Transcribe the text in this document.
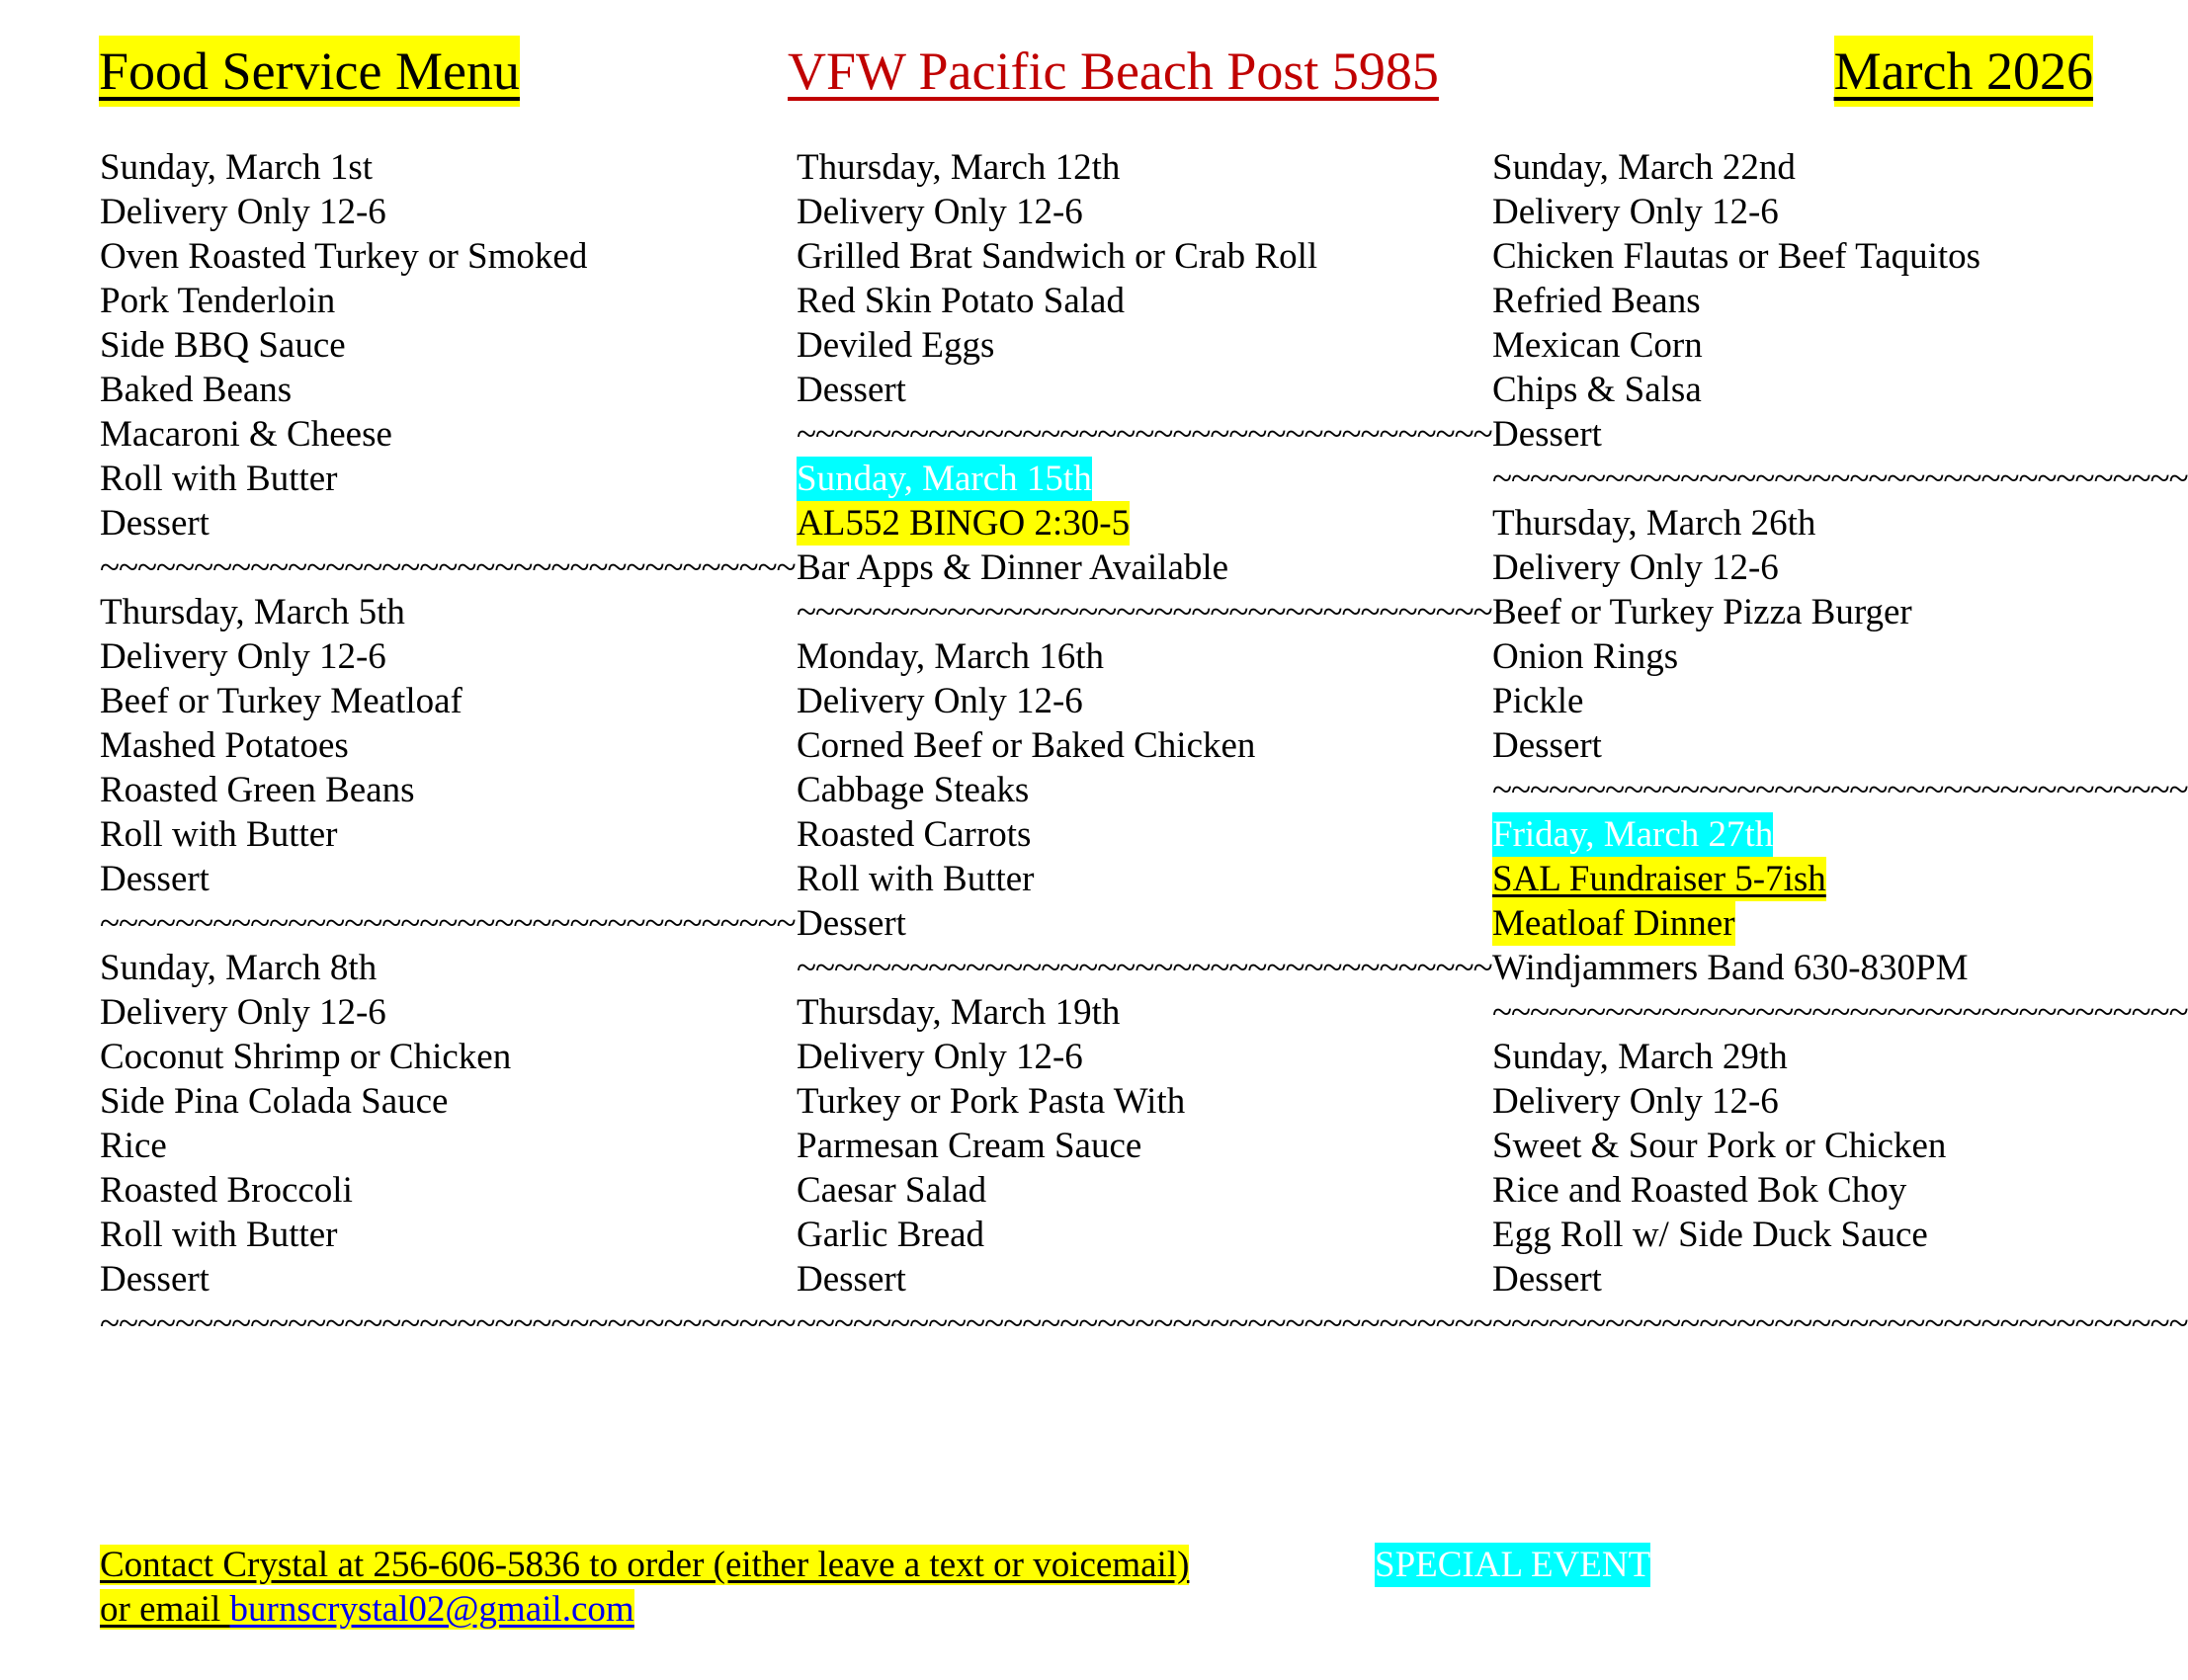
Food Service Menu	VFW Pacific Beach Post 5985	March 2026
Sunday, March 1st
Delivery Only 12-6
Oven Roasted Turkey or Smoked
Pork Tenderloin
Side BBQ Sauce
Baked Beans
Macaroni & Cheese
Roll with Butter
Dessert
~~~~~~~~~~~~~~~~~~~~~~~~~~~~~~~~~~~~~
Thursday, March 5th
Delivery Only 12-6
Beef or Turkey Meatloaf
Mashed Potatoes
Roasted Green Beans
Roll with Butter
Dessert
~~~~~~~~~~~~~~~~~~~~~~~~~~~~~~~~~~~~~
Sunday, March 8th
Delivery Only 12-6
Coconut Shrimp or Chicken
Side Pina Colada Sauce
Rice
Roasted Broccoli
Roll with Butter
Dessert
~~~~~~~~~~~~~~~~~~~~~~~~~~~~~~~~~~~~~
Thursday, March 12th
Delivery Only 12-6
Grilled Brat Sandwich or Crab Roll
Red Skin Potato Salad
Deviled Eggs
Dessert
~~~~~~~~~~~~~~~~~~~~~~~~~~~~~~~~~~~~~
Sunday, March 15th
AL552 BINGO 2:30-5
Bar Apps & Dinner Available
~~~~~~~~~~~~~~~~~~~~~~~~~~~~~~~~~~~~~
Monday, March 16th
Delivery Only 12-6
Corned Beef or Baked Chicken
Cabbage Steaks
Roasted Carrots
Roll with Butter
Dessert
~~~~~~~~~~~~~~~~~~~~~~~~~~~~~~~~~~~~~
Thursday, March 19th
Delivery Only 12-6
Turkey or Pork Pasta With
Parmesan Cream Sauce
Caesar Salad
Garlic Bread
Dessert
~~~~~~~~~~~~~~~~~~~~~~~~~~~~~~~~~~~~~
Sunday, March 22nd
Delivery Only 12-6
Chicken Flautas or Beef Taquitos
Refried Beans
Mexican Corn
Chips & Salsa
Dessert
~~~~~~~~~~~~~~~~~~~~~~~~~~~~~~~~~~~~~
Thursday, March 26th
Delivery Only 12-6
Beef or Turkey Pizza Burger
Onion Rings
Pickle
Dessert
~~~~~~~~~~~~~~~~~~~~~~~~~~~~~~~~~~~~~
Friday, March 27th
SAL Fundraiser 5-7ish
Meatloaf Dinner
Windjammers Band 630-830PM
~~~~~~~~~~~~~~~~~~~~~~~~~~~~~~~~~~~~~
Sunday, March 29th
Delivery Only 12-6
Sweet & Sour Pork or Chicken
Rice and Roasted Bok Choy
Egg Roll w/ Side Duck Sauce
Dessert
~~~~~~~~~~~~~~~~~~~~~~~~~~~~~~~~~~~~~
Contact Crystal at 256-606-5836 to order (either leave a text or voicemail)
or email burnscrystal02@gmail.com
SPECIAL EVENT
